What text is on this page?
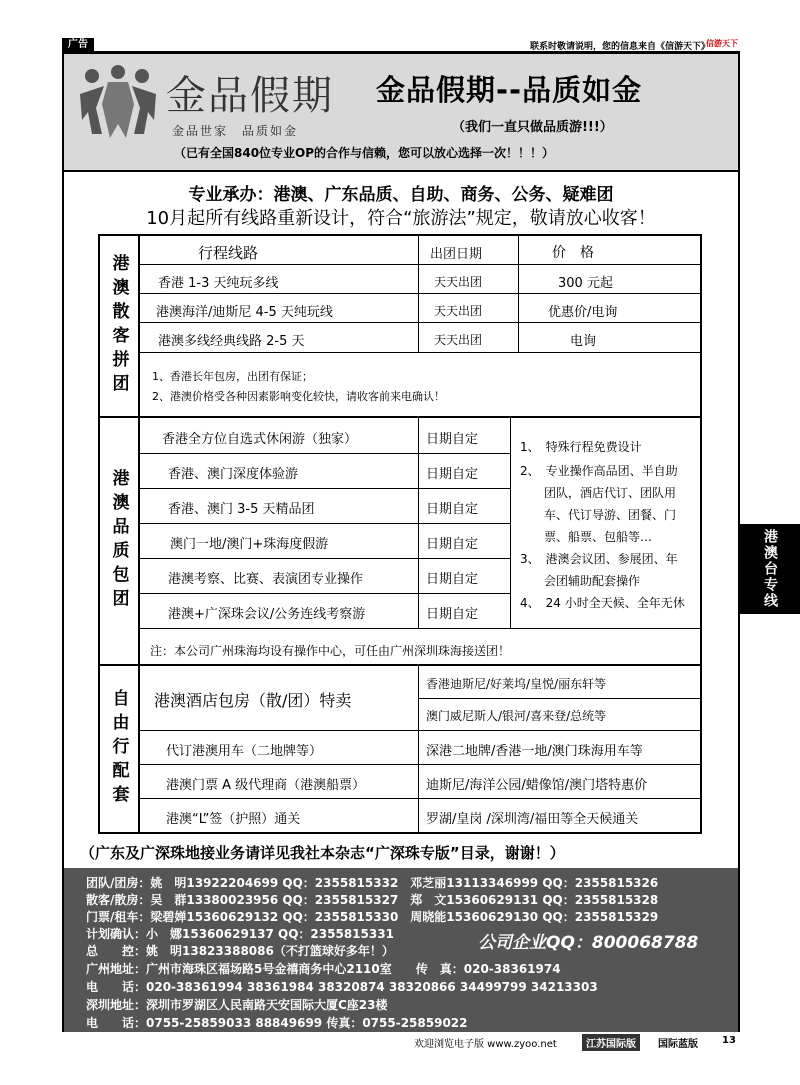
广告	联系时敬请说明，您的信息来自《信游天下》
信游天下
金品假期
金品世家　品质如金
金品假期--品质如金
（我们一直只做品质游!!!）
（已有全国840位专业OP的合作与信赖，您可以放心选择一次！！！）
专业承办：港澳、广东品质、自助、商务、公务、疑难团
10月起所有线路重新设计，符合“旅游法”规定，敬请放心收客！
港澳散客拼团
行程线路	出团日期	价　格
香港 1-3 天纯玩多线	天天出团	300 元起
港澳海洋/迪斯尼 4-5 天纯玩线	天天出团	优惠价/电询
港澳多线经典线路 2-5 天	天天出团	电询
1、香港长年包房，出团有保证；
2、港澳价格受各种因素影响变化较快，请收客前来电确认！
港澳品质包团
香港全方位自选式休闲游（独家）	日期自定
香港、澳门深度体验游	日期自定
香港、澳门 3-5 天精品团	日期自定
澳门一地/澳门+珠海度假游	日期自定
港澳考察、比赛、表演团专业操作	日期自定
港澳+广深珠会议/公务连线考察游	日期自定
1、　特殊行程免费设计
2、　专业操作高品团、半自助
　　团队，酒店代订、团队用
　　车、代订导游、团餐、门
　　票、船票、包船等…
3、　港澳会议团、参展团、年
　　会团辅助配套操作
4、　24 小时全天候、全年无休
注：本公司广州珠海均设有操作中心，可任由广州深圳珠海接送团！
自由行配套 港澳酒店包房（散/团）特卖
香港迪斯尼/好莱坞/皇悦/丽东轩等
澳门威尼斯人/银河/喜来登/总统等
代订港澳用车（二地牌等）	深港二地牌/香港一地/澳门珠海用车等
港澳门票 A 级代理商（港澳船票）	迪斯尼/海洋公园/蜡像馆/澳门塔特惠价
港澳“L”签（护照）通关	罗湖/皇岗 /深圳湾/福田等全天候通关
（广东及广深珠地接业务请详见我社本杂志“广深珠专版”目录，谢谢！）
团队/团房：姚　明13922204699 QQ：2355815332　邓芝丽13113346999 QQ：2355815326
散客/散房：吴　群13380023956 QQ：2355815327　郑　文15360629131 QQ：2355815328
门票/租车：梁碧婵15360629132 QQ：2355815330　周晓能15360629130 QQ：2355815329
计划确认：小　娜15360629137 QQ：2355815331
总　　控：姚　明13823388086（不打篮球好多年！）
广州地址：广州市海珠区福场路5号金禧商务中心2110室　　传　真：020-38361974
电　　话：020-38361994 38361984 38320874 38320866 34499799 34213303
深圳地址：深圳市罗湖区人民南路天安国际大厦C座23楼
电　　话：0755-25859033 88849699 传真：0755-25859022
公司企业QQ：800068788
欢迎浏览电子版 www.zyoo.net	江苏国际版	国际蓝版 13
港澳台专线
